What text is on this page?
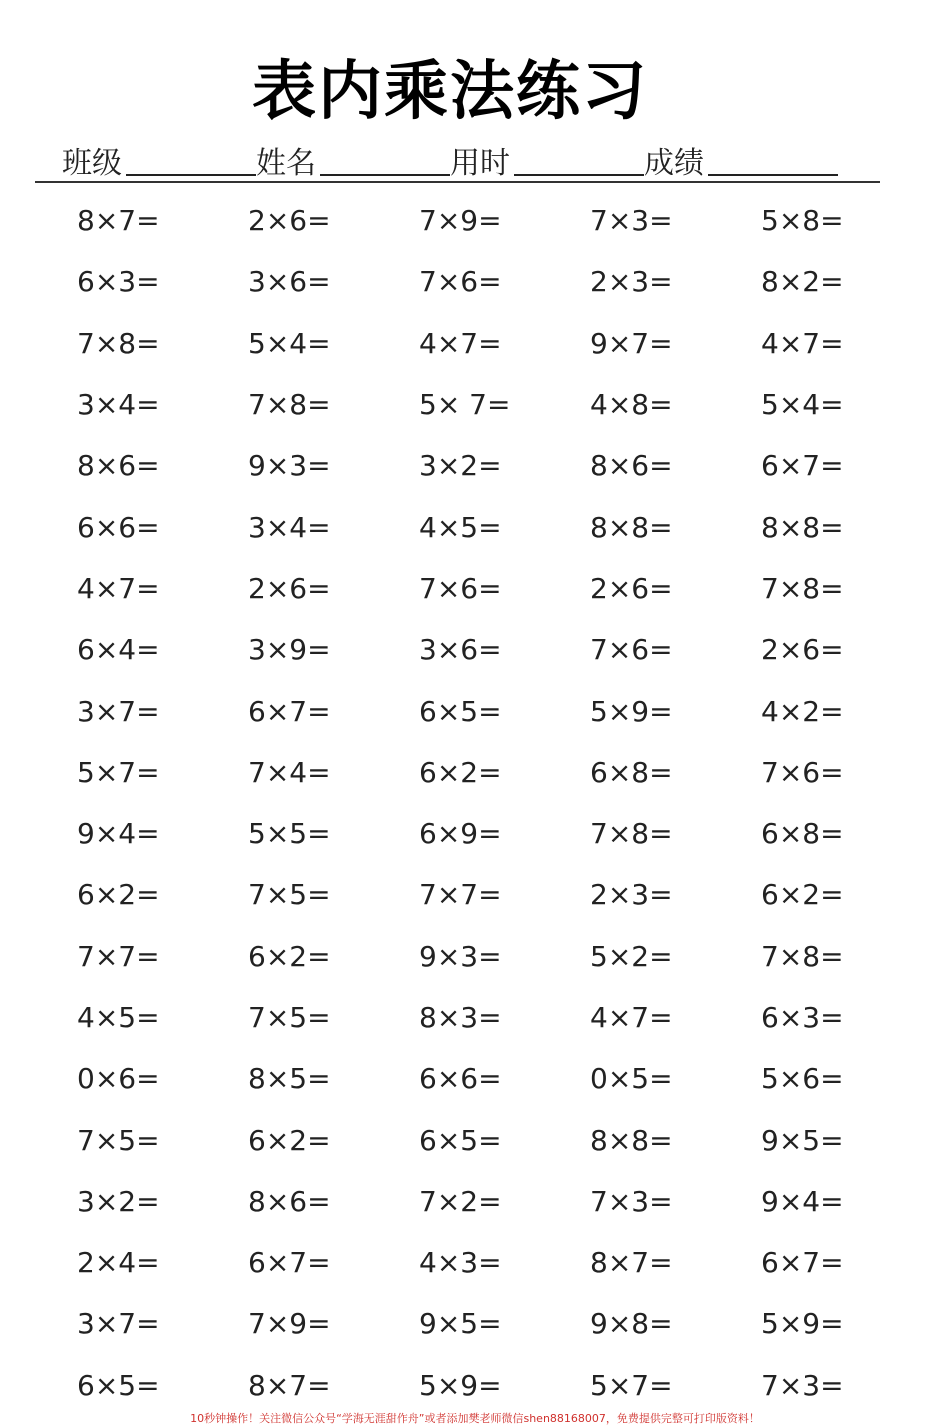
表内乘法练习
班级	姓名	用时	成绩
8×7=	2×6=	7×9=	7×3=	5×8=
6×3=	3×6=	7×6=	2×3=	8×2=
7×8=	5×4=	4×7=	9×7=	4×7=
3×4=	7×8=	5× 7=	4×8=	5×4=
8×6=	9×3=	3×2=	8×6=	6×7=
6×6=	3×4=	4×5=	8×8=	8×8=
4×7=	2×6=	7×6=	2×6=	7×8=
6×4=	3×9=	3×6=	7×6=	2×6=
3×7=	6×7=	6×5=	5×9=	4×2=
5×7=	7×4=	6×2=	6×8=	7×6=
9×4=	5×5=	6×9=	7×8=	6×8=
6×2=	7×5=	7×7=	2×3=	6×2=
7×7=	6×2=	9×3=	5×2=	7×8=
4×5=	7×5=	8×3=	4×7=	6×3=
0×6=	8×5=	6×6=	0×5=	5×6=
7×5=	6×2=	6×5=	8×8=	9×5=
3×2=	8×6=	7×2=	7×3=	9×4=
2×4=	6×7=	4×3=	8×7=	6×7=
3×7=	7×9=	9×5=	9×8=	5×9=
6×5=	8×7=	5×9=	5×7=	7×3=
10秒钟操作！关注微信公众号“学海无涯甜作舟”或者添加樊老师微信shen88168007，免费提供完整可打印版资料！
